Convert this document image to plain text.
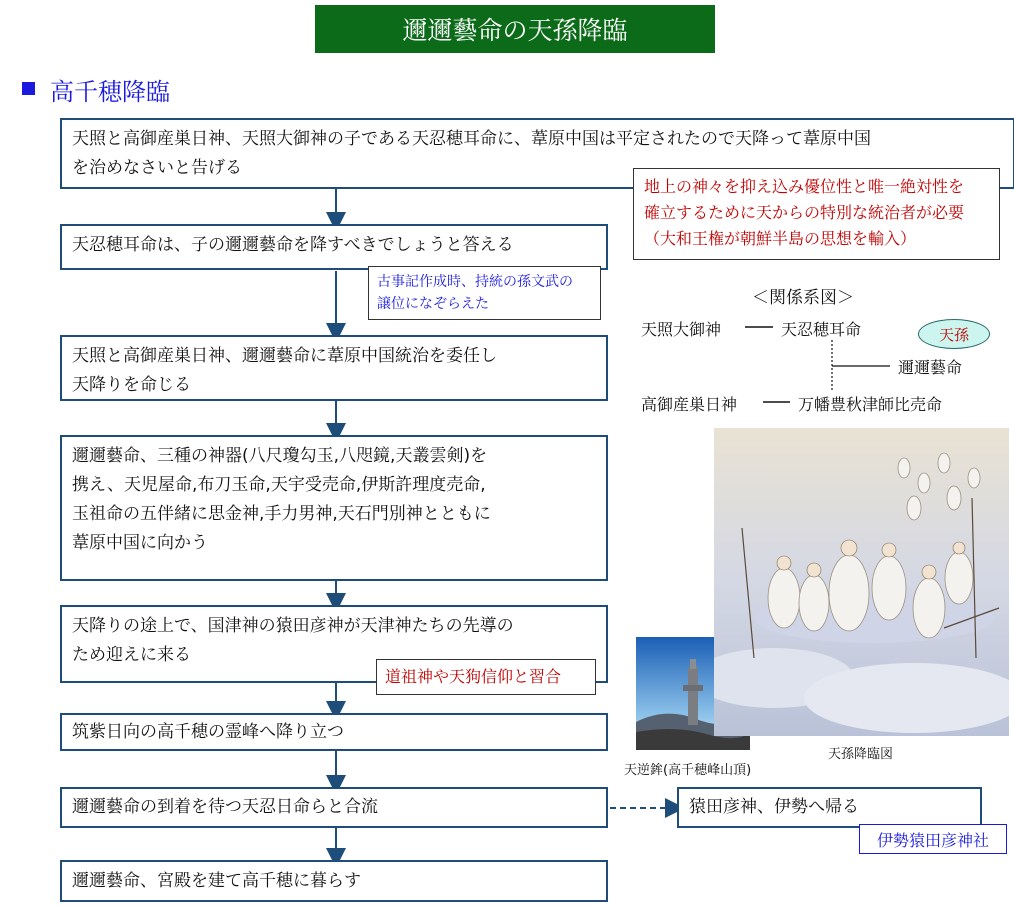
邇邇藝命の天孫降臨
高千穂降臨
天照と高御産巣日神、天照大御神の子である天忍穂耳命に、葦原中国は平定されたので天降って葦原中国
を治めなさいと告げる
天忍穂耳命は、子の邇邇藝命を降すべきでしょうと答える
天照と高御産巣日神、邇邇藝命に葦原中国統治を委任し
天降りを命じる
邇邇藝命、三種の神器(八尺瓊勾玉,八咫鏡,天叢雲剣)を
携え、天児屋命,布刀玉命,天宇受売命,伊斯許理度売命,
玉祖命の五伴緒に思金神,手力男神,天石門別神とともに
葦原中国に向かう
天降りの途上で、国津神の猿田彦神が天津神たちの先導の
ため迎えに来る
筑紫日向の高千穂の霊峰へ降り立つ
邇邇藝命の到着を待つ天忍日命らと合流
邇邇藝命、宮殿を建て高千穂に暮らす
地上の神々を抑え込み優位性と唯一絶対性を
確立するために天からの特別な統治者が必要
（大和王権が朝鮮半島の思想を輸入）
古事記作成時、持統の孫文武の
譲位になぞらえた
道祖神や天狗信仰と習合
猿田彦神、伊勢へ帰る
伊勢猿田彦神社
＜関係系図＞
天照大御神	天忍穂耳命	天孫
邇邇藝命
高御産巣日神	万幡豊秋津師比売命
天逆鉾(高千穂峰山頂)
天孫降臨図
